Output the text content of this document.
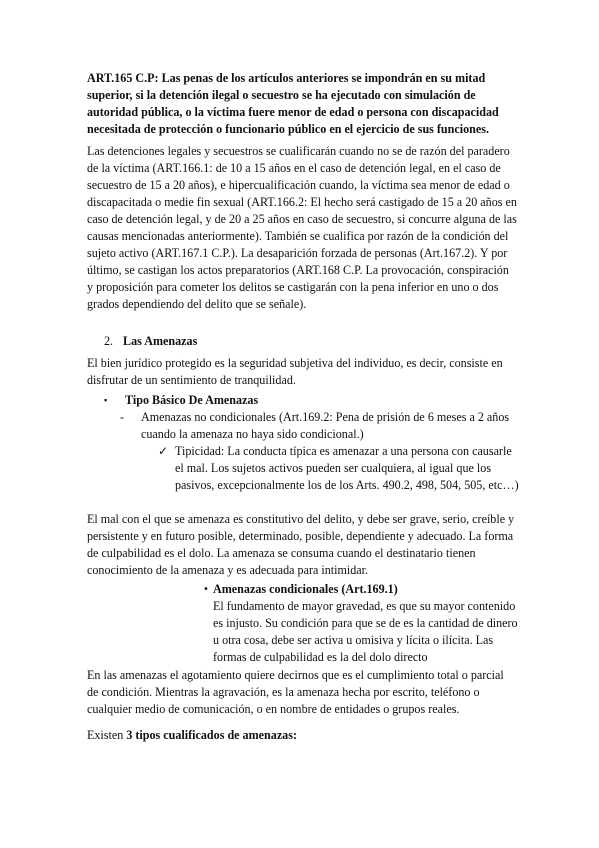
ART.165 C.P: Las penas de los artículos anteriores se impondrán en su mitad superior, si la detención ilegal o secuestro se ha ejecutado con simulación de autoridad pública, o la víctima fuere menor de edad o persona con discapacidad necesitada de protección o funcionario público en el ejercicio de sus funciones.

Las detenciones legales y secuestros se cualificarán cuando no se de razón del paradero de la víctima (ART.166.1: de 10 a 15 años en el caso de detención legal, en el caso de secuestro de 15 a 20 años), e hipercualificación cuando, la víctima sea menor de edad o discapacitada o medie fin sexual (ART.166.2: El hecho será castigado de 15 a 20 años en caso de detención legal, y de 20 a 25 años en caso de secuestro, si concurre alguna de las causas mencionadas anteriormente). También se cualifica por razón de la condición del sujeto activo (ART.167.1 C.P.). La desaparición forzada de personas (Art.167.2). Y por último, se castigan los actos preparatorios (ART.168 C.P. La provocación, conspiración y proposición para cometer los delitos se castigarán con la pena inferior en uno o dos grados dependiendo del delito que se señale).

2. Las Amenazas

El bien jurídico protegido es la seguridad subjetiva del individuo, es decir, consiste en disfrutar de un sentimiento de tranquilidad.

▪ Tipo Básico De Amenazas
- Amenazas no condicionales (Art.169.2: Pena de prisión de 6 meses a 2 años cuando la amenaza no haya sido condicional.)
✓ Tipicidad: La conducta típica es amenazar a una persona con causarle el mal. Los sujetos activos pueden ser cualquiera, al igual que los pasivos, excepcionalmente los de los Arts. 490.2, 498, 504, 505, etc…)

El mal con el que se amenaza es constitutivo del delito, y debe ser grave, serio, creíble y persistente y en futuro posible, determinado, posible, dependiente y adecuado. La forma de culpabilidad es el dolo. La amenaza se consuma cuando el destinatario tienen conocimiento de la amenaza y es adecuada para intimidar.

• Amenazas condicionales (Art.169.1)
El fundamento de mayor gravedad, es que su mayor contenido es injusto. Su condición para que se de es la cantidad de dinero u otra cosa, debe ser activa u omisiva y lícita o ilícita. Las formas de culpabilidad es la del dolo directo

En las amenazas el agotamiento quiere decirnos que es el cumplimiento total o parcial de condición. Mientras la agravación, es la amenaza hecha por escrito, teléfono o cualquier medio de comunicación, o en nombre de entidades o grupos reales.

Existen 3 tipos cualificados de amenazas:
